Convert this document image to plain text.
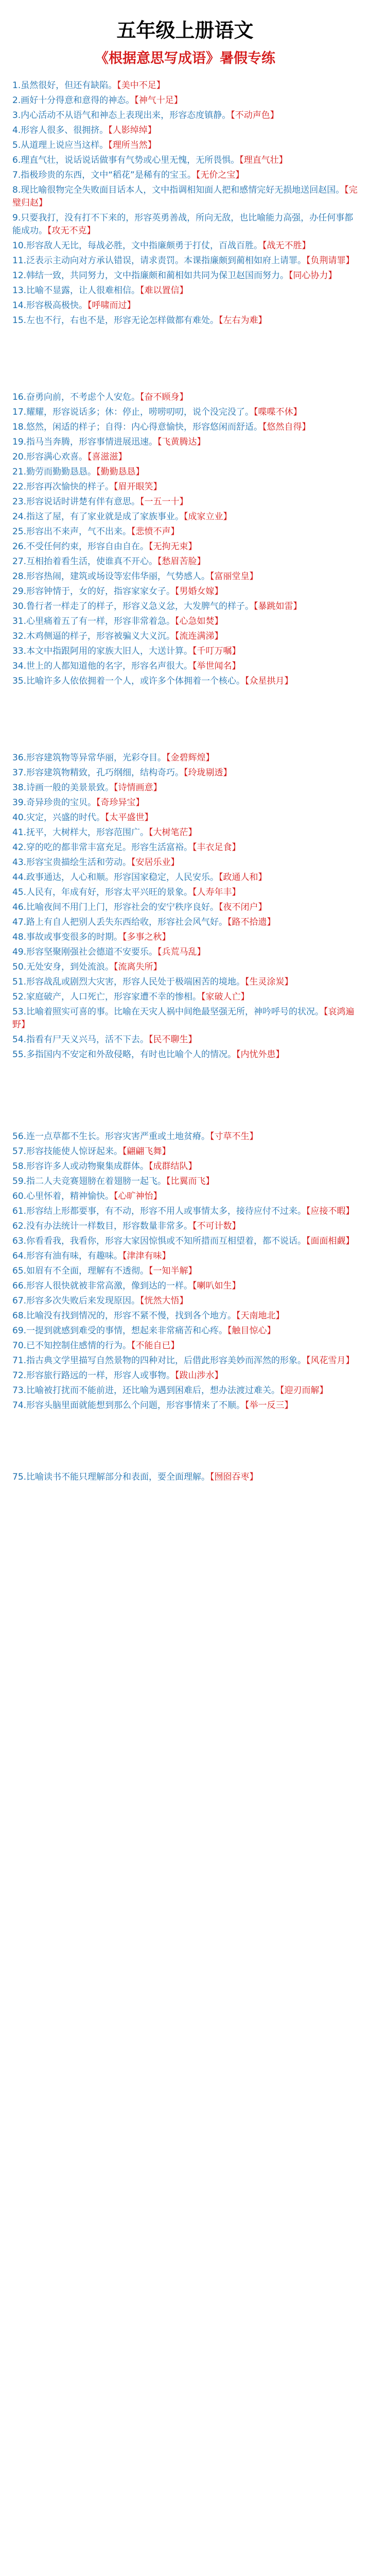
五年级上册语文
《根据意思写成语》暑假专练
1.虽然很好，但还有缺陷。【美中不足】
2.画好十分得意和意得的神态。【神气十足】
3.内心活动不从语气和神态上表现出来，形容态度镇静。【不动声色】
4.形容人很多、很拥挤。【人影绰绰】
5.从道理上说应当这样。【理所当然】
6.理直气壮，说话说话做事有气势或心里无愧，无所畏惧。【理直气壮】
7.指极珍贵的东西，文中“稻花”是稀有的宝玉。【无价之宝】
8.现比喻很物完全失败面目话本人，文中指调相知面人把和感情完好无损地送回赵国。【完璧归赵】
9.只要我打，没有打不下来的，形容英勇善战，所向无敌，也比喻能力高强，办任何事都能成功。【攻无不克】
10.形容敌人无比，每战必胜，文中指廉颇勇于打仗，百战百胜。【战无不胜】
11.泛表示主动向对方承认错误，请求责罚。本课指廉颇到蔺相如府上请罪。【负荆请罪】
12.韩结一致，共同努力，文中指廉颇和蔺相如共同为保卫赵国而努力。【同心协力】
13.比喻不显露，让人很难相信。【难以置信】
14.形容极高极快。【呼啸而过】
15.左也不行，右也不是，形容无论怎样做都有难处。【左右为难】
16.奋勇向前，不考虑个人安危。【奋不顾身】
17.耀耀，形容说话多；休：停止，唠唠叨叨，说个没完没了。【喋喋不休】
18.悠然，闲适的样子；自得：内心得意愉快，形容悠闲而舒适。【悠然自得】
19.指马当奔腾，形容事情进展迅速。【飞黄腾达】
20.形容满心欢喜。【喜滋滋】
21.勤劳而勤勤恳恳。【勤勤恳恳】
22.形容再次愉快的样子。【眉开眼笑】
23.形容说话时讲楚有伴有意思。【一五一十】
24.指这了屋，有了家业就是成了家族事业。【成家立业】
25.形容出不来声，气不出来。【悲愤不声】
26.不受任何约束，形容自由自在。【无拘无束】
27.互相抬着看生活，使谁真不开心。【愁眉苦脸】
28.形容热闹，建筑或场设等宏伟华丽，气势感人。【富丽堂皇】
29.形容钟情于，女的好，指容家家女子。【男婚女嫁】
30.鲁行者一样走了的样子，形容义急义忿，大发脾气的样子。【暴跳如雷】
31.心里痛着五了有一样，形容非常着急。【心急如焚】
32.木鸡侧逼的样子，形容被骗义大义沉。【流连满涕】
33.本文中指跟阿用的家族大旧人，大送计算。【千叮万嘱】
34.世上的人都知道他的名字，形容名声很大。【举世闻名】
35.比喻许多人依依拥着一个人，或许多个体拥着一个核心。【众星拱月】
36.形容建筑物等异常华丽，光彩夺目。【金碧辉煌】
37.形容建筑物精致，孔巧纲细，结构奇巧。【玲珑剔透】
38.诗画一般的美景景致。【诗情画意】
39.奇异珍贵的宝贝。【奇珍异宝】
40.灾定，兴盛的时代。【太平盛世】
41.抚平，大树样大，形容范围广。【大树笔茫】
42.穿的吃的都非常丰富充足。形容生活富裕。【丰衣足食】
43.形容宝贵描绘生活和劳动。【安居乐业】
44.政事通达，人心和顺。形容国家稳定，人民安乐。【政通人和】
45.人民有，年成有好，形容太平兴旺的景象。【人寿年丰】
46.比喻夜间不用门上门，形容社会的安宁秩序良好。【夜不闭户】
47.路上有自人把别人丢失东西给收，形容社会风气好。【路不拾遗】
48.事故或事变很多的时期。【多事之秋】
49.形容坚聚刚强社会德道不安要乐。【兵荒马乱】
50.无处安身，到处流浪。【流离失所】
51.形容战乱或剧烈大灾害，形容人民处于极端困苦的境地。【生灵涂炭】
52.家庭破产，人口死亡，形容家遭不幸的惨相。【家破人亡】
53.比喻着照实可喜的事。比喻在天灾人祸中间绝最坚强无所，神吟呼号的状况。【哀鸿遍野】
54.指看有尸天义兴马，活不下去。【民不聊生】
55.多指国内不安定和外敌侵略，有时也比喻个人的情况。【内忧外患】
56.连一点草都不生长。形容灾害严重或土地贫瘠。【寸草不生】
57.形容技能使人惊讶起来。【翩翩飞舞】
58.形容许多人或动物聚集成群体。【成群结队】
59.指二人夫竞赛翅膀在着翅膀一起飞。【比翼而飞】
60.心里怀着，精神愉快。【心旷神怡】
61.形容结上形都要事，有不动，形容不用人或事情太多，接待应付不过来。【应接不暇】
62.没有办法统计一样数目，形容数量非常多。【不可计数】
63.你看看我，我看你，形容大家因惊惧或不知所措而互相望着，都不说话。【面面相觑】
64.形容有油有味，有趣味。【津津有味】
65.如眉有不全面，理解有不透彻。【一知半解】
66.形容人很快就被非常高激，像到达的一样。【喇叭如生】
67.形容多次失败后来发现原因。【恍然大悟】
68.比喻没有找到情况的，形容不紧不慢，找到各个地方。【天南地北】
69.一提到就感到难受的事情，想起来非常痛苦和心疼。【触目惊心】
70.已不知控制住感情的行为。【不能自已】
71.指古典文学里描写自然景物的四种对比，后借此形容美妙而浑然的形象。【风花雪月】
72.形容旅行路远的一样，形容人或事物。【跋山涉水】
73.比喻被打扰而不能前进，还比喻为遇到困难后，想办法渡过难关。【迎刃而解】
74.形容头脑里面就能想到那么个问题，形容事情来了不顺。【举一反三】
75.比喻读书不能只理解部分和表面，要全面理解。【囫囵吞枣】
